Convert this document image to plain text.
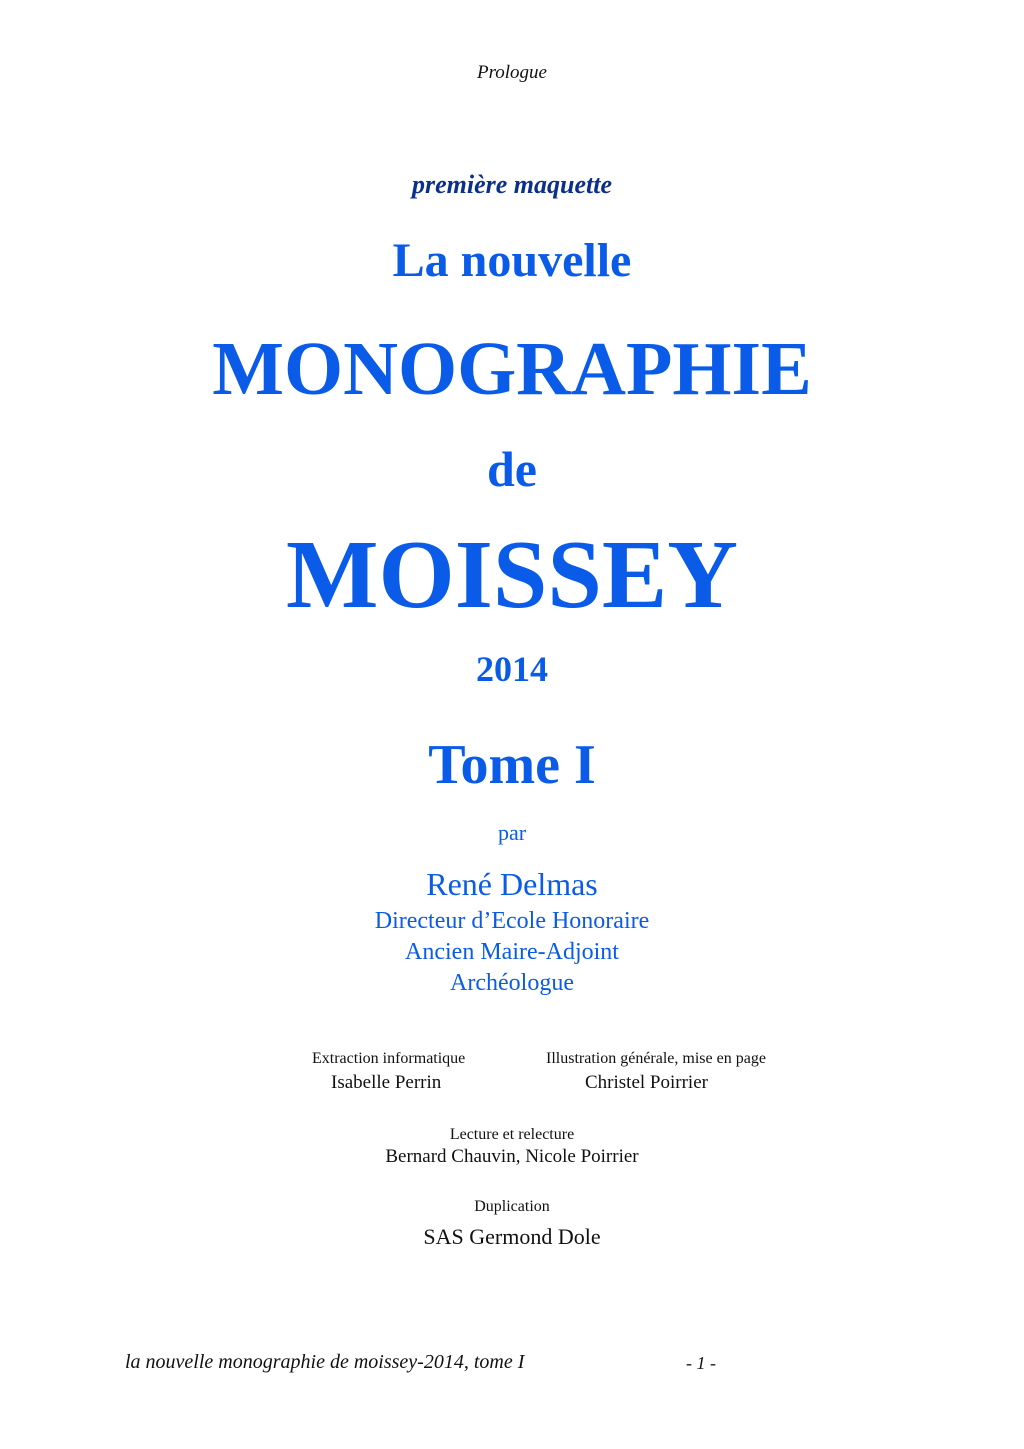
Prologue
première maquette
La nouvelle
MONOGRAPHIE
de
MOISSEY
2014
Tome I
par
René Delmas
Directeur d’Ecole Honoraire
Ancien Maire-Adjoint
Archéologue
Extraction informatique
Isabelle Perrin
Illustration générale, mise en page
Christel Poirrier
Lecture et relecture
Bernard Chauvin, Nicole Poirrier
Duplication
SAS Germond Dole
la nouvelle monographie de moissey-2014, tome I	- 1 -
